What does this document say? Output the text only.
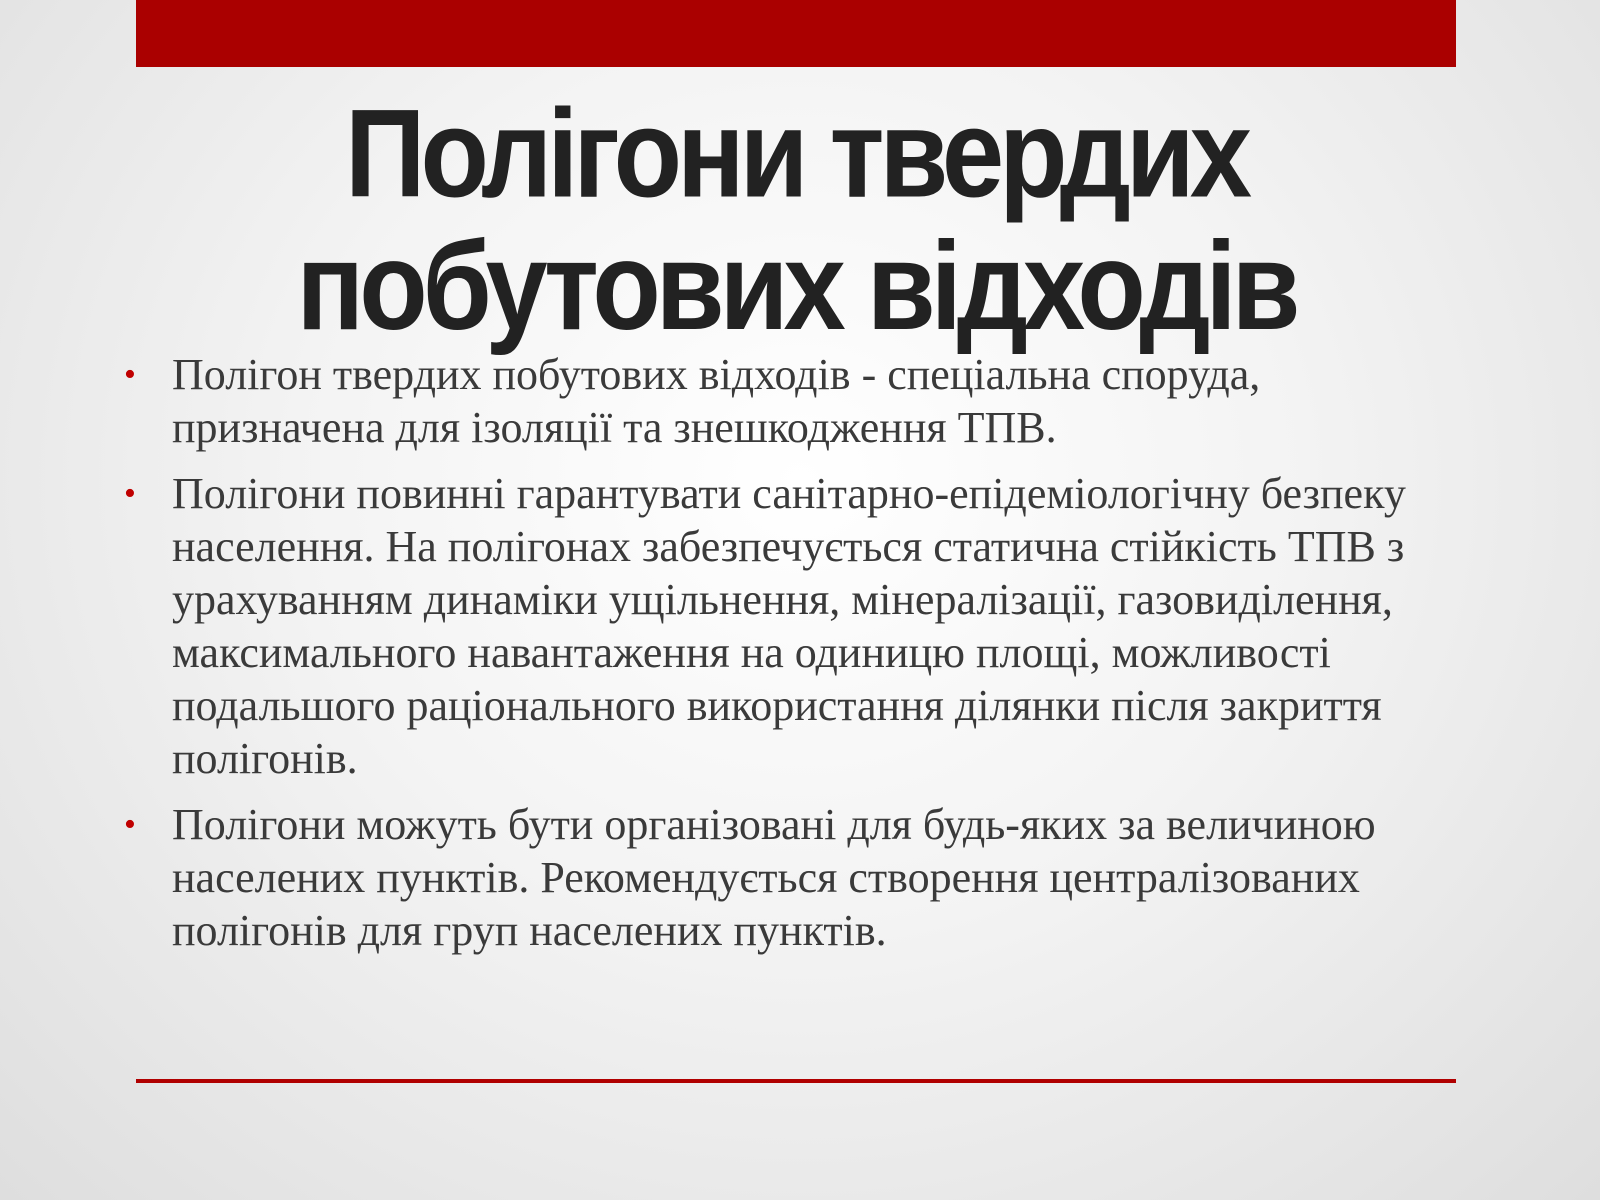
Полігони твердих побутових відходів
• Полігон твердих побутових відходів - спеціальна споруда, призначена для ізоляції та знешкодження ТПВ.
• Полігони повинні гарантувати санітарно-епідеміологічну безпеку населення. На полігонах забезпечується статична стійкість ТПВ з урахуванням динаміки ущільнення, мінералізації, газовиділення, максимального навантаження на одиницю площі, можливості подальшого раціонального використання ділянки після закриття полігонів.
• Полігони можуть бути організовані для будь-яких за величиною населених пунктів. Рекомендується створення централізованих полігонів для груп населених пунктів.
